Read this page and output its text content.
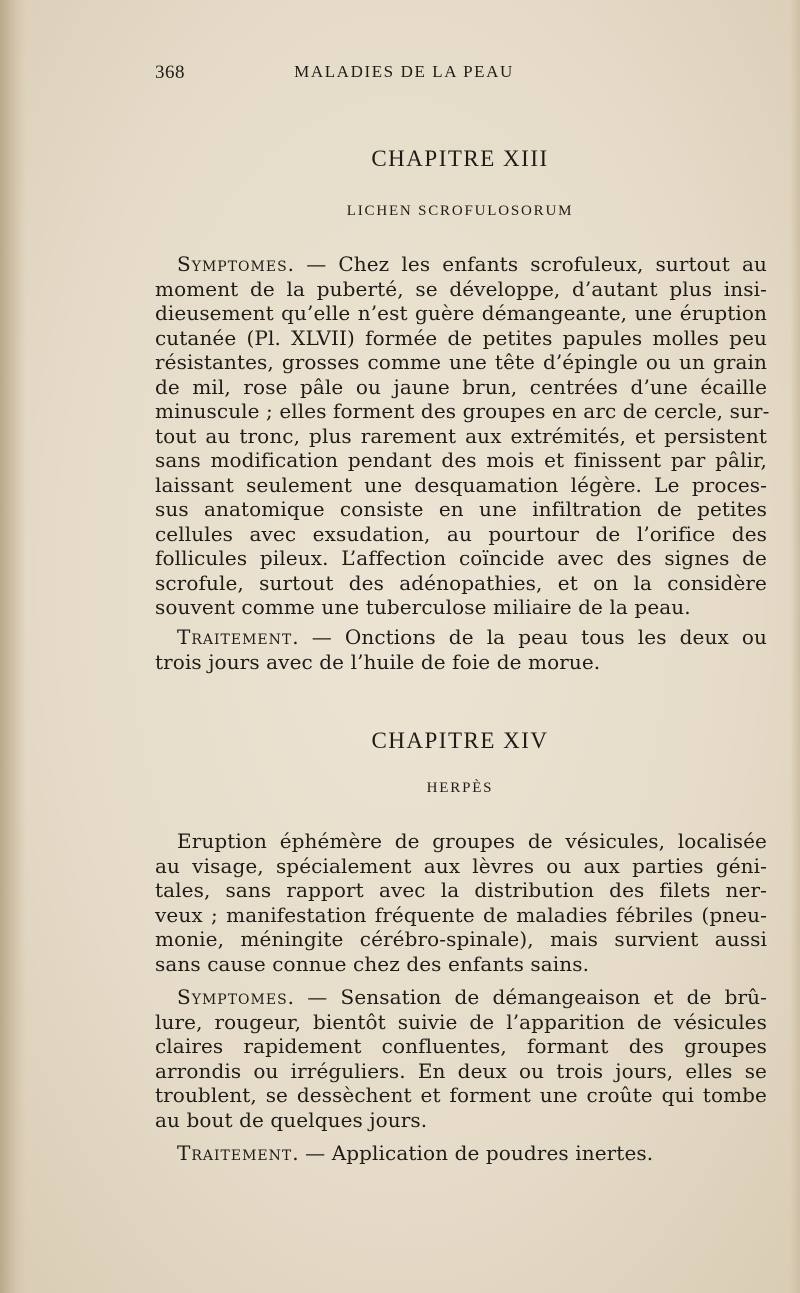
368	MALADIES DE LA PEAU
CHAPITRE XIII
LICHEN SCROFULOSORUM
Symptomes. — Chez les enfants scrofuleux, surtout au
moment de la puberté, se développe, d’autant plus insi-
dieusement qu’elle n’est guère démangeante, une éruption
cutanée (Pl. XLVII) formée de petites papules molles peu
résistantes, grosses comme une tête d’épingle ou un grain
de mil, rose pâle ou jaune brun, centrées d’une écaille
minuscule ; elles forment des groupes en arc de cercle, sur-
tout au tronc, plus rarement aux extrémités, et persistent
sans modification pendant des mois et finissent par pâlir,
laissant seulement une desquamation légère. Le proces-
sus anatomique consiste en une infiltration de petites
cellules avec exsudation, au pourtour de l’orifice des
follicules pileux. L’affection coïncide avec des signes de
scrofule, surtout des adénopathies, et on la considère
souvent comme une tuberculose miliaire de la peau.
Traitement. — Onctions de la peau tous les deux ou
trois jours avec de l’huile de foie de morue.
CHAPITRE XIV
HERPÈS
Eruption éphémère de groupes de vésicules, localisée
au visage, spécialement aux lèvres ou aux parties géni-
tales, sans rapport avec la distribution des filets ner-
veux ; manifestation fréquente de maladies fébriles (pneu-
monie, méningite cérébro-spinale), mais survient aussi
sans cause connue chez des enfants sains.
Symptomes. — Sensation de démangeaison et de brû-
lure, rougeur, bientôt suivie de l’apparition de vésicules
claires rapidement confluentes, formant des groupes
arrondis ou irréguliers. En deux ou trois jours, elles se
troublent, se dessèchent et forment une croûte qui tombe
au bout de quelques jours.
Traitement. — Application de poudres inertes.
